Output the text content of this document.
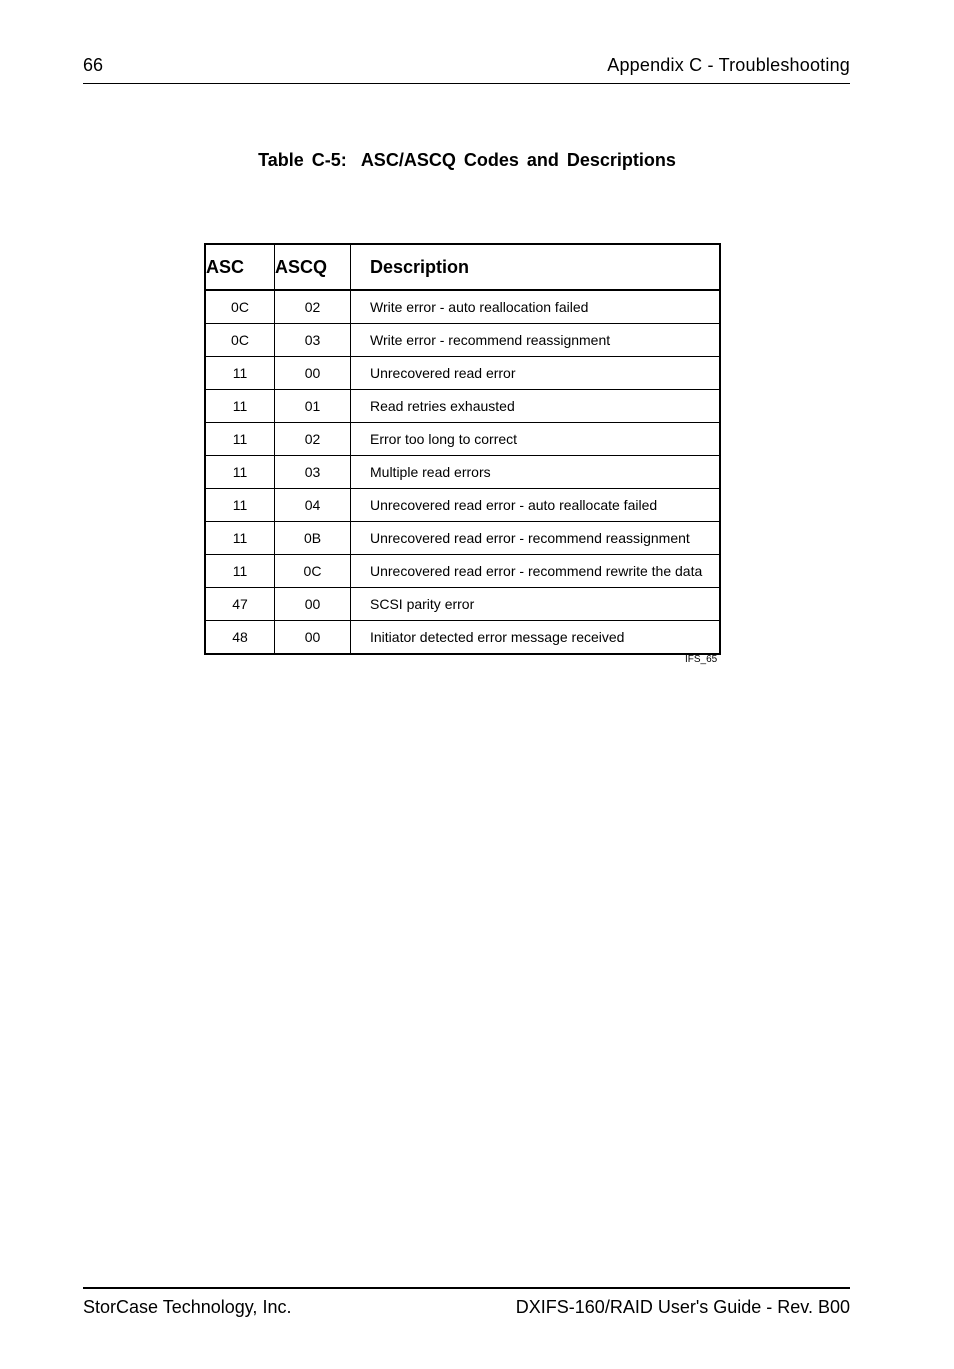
66	Appendix C - Troubleshooting
Table C-5: ASC/ASCQ Codes and Descriptions
ASC	ASCQ	Description
0C	02	Write error - auto reallocation failed
0C	03	Write error - recommend reassignment
11	00	Unrecovered read error
11	01	Read retries exhausted
11	02	Error too long to correct
11	03	Multiple read errors
11	04	Unrecovered read error - auto reallocate failed
11	0B	Unrecovered read error - recommend reassignment
11	0C	Unrecovered read error - recommend rewrite the data
47	00	SCSI parity error
48	00	Initiator detected error message received
IFS_65
StorCase Technology, Inc.	DXIFS-160/RAID User's Guide - Rev. B00
